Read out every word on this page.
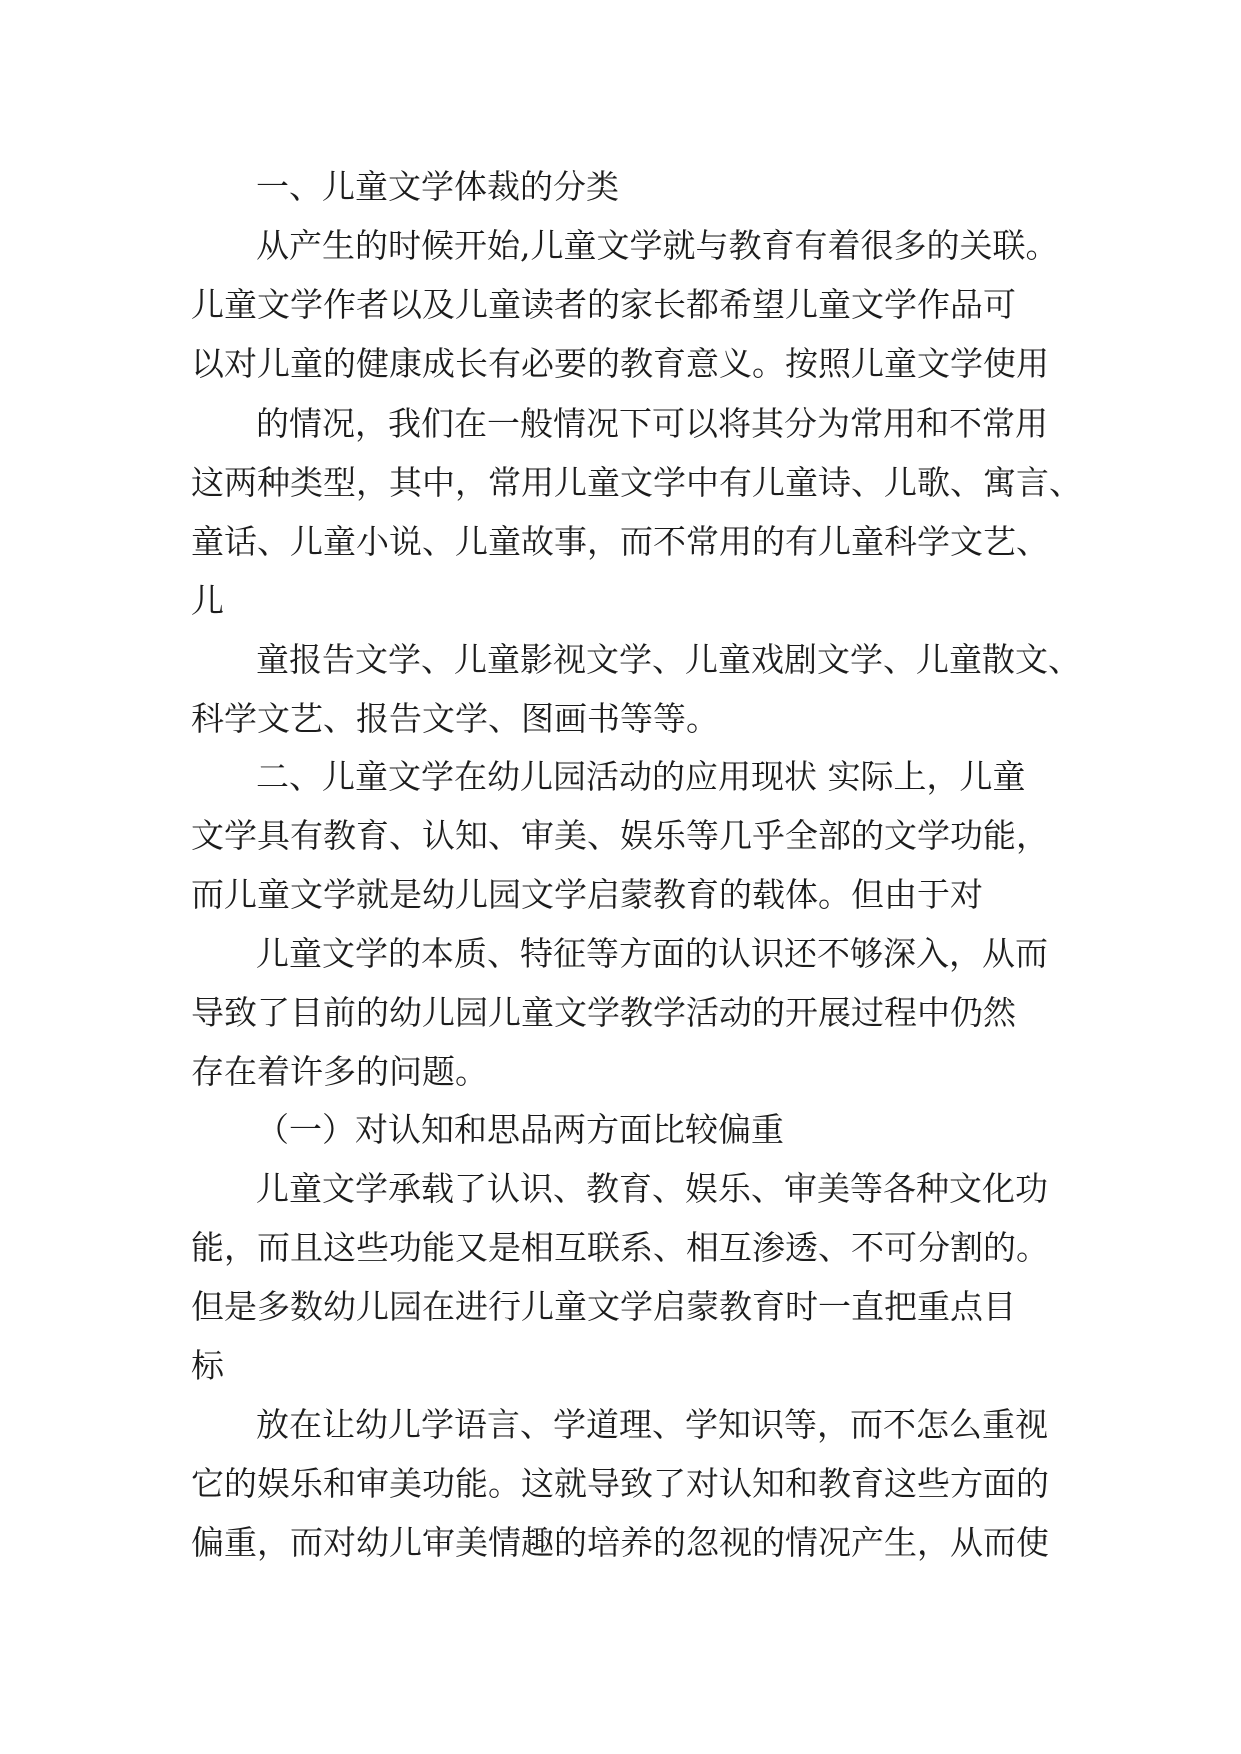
一、儿童文学体裁的分类

从产生的时候开始,儿童文学就与教育有着很多的关联。

儿童文学作者以及儿童读者的家长都希望儿童文学作品可

以对儿童的健康成长有必要的教育意义。按照儿童文学使用

的情况，我们在一般情况下可以将其分为常用和不常用

这两种类型，其中，常用儿童文学中有儿童诗、儿歌、寓言、

童话、儿童小说、儿童故事，而不常用的有儿童科学文艺、

儿

童报告文学、儿童影视文学、儿童戏剧文学、儿童散文、

科学文艺、报告文学、图画书等等。

二、儿童文学在幼儿园活动的应用现状 实际上，儿童

文学具有教育、认知、审美、娱乐等几乎全部的文学功能，

而儿童文学就是幼儿园文学启蒙教育的载体。但由于对

儿童文学的本质、特征等方面的认识还不够深入，从而

导致了目前的幼儿园儿童文学教学活动的开展过程中仍然

存在着许多的问题。

（一）对认知和思品两方面比较偏重

儿童文学承载了认识、教育、娱乐、审美等各种文化功

能，而且这些功能又是相互联系、相互渗透、不可分割的。

但是多数幼儿园在进行儿童文学启蒙教育时一直把重点目

标

放在让幼儿学语言、学道理、学知识等，而不怎么重视

它的娱乐和审美功能。这就导致了对认知和教育这些方面的

偏重，而对幼儿审美情趣的培养的忽视的情况产生，从而使
